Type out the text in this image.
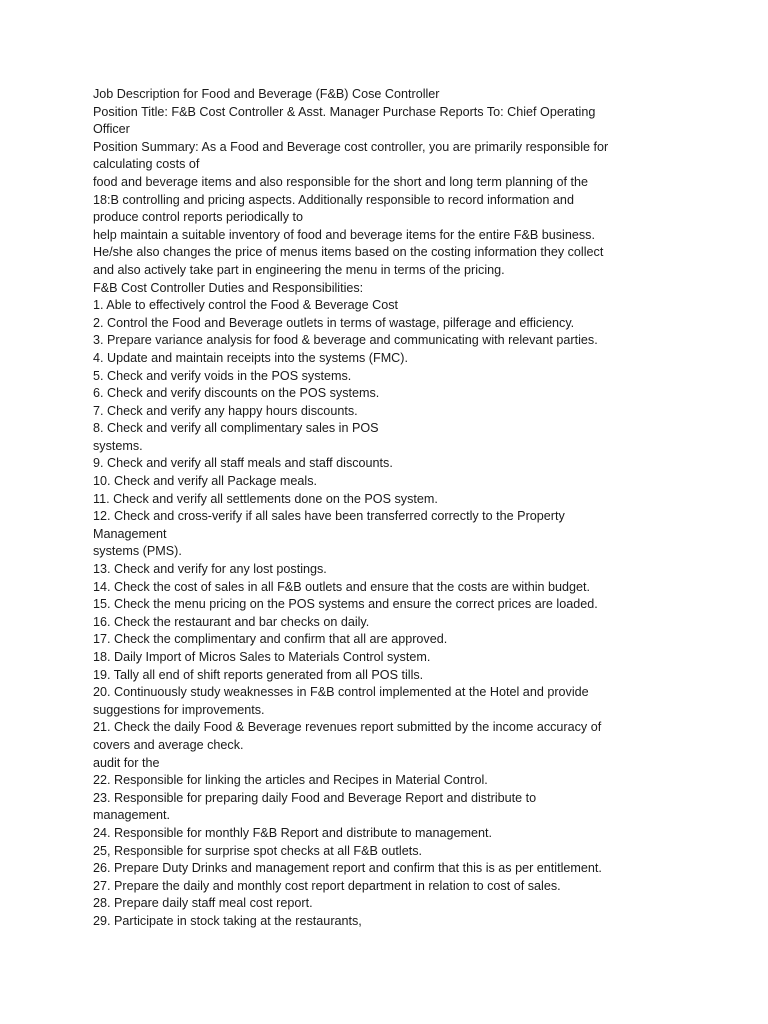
Job Description for Food and Beverage (F&B) Cose Controller

Position Title: F&B Cost Controller & Asst. Manager Purchase Reports To: Chief Operating

Officer

Position Summary: As a Food and Beverage cost controller, you are primarily responsible for

calculating costs of

food and beverage items and also responsible for the short and long term planning of the

18:B controlling and pricing aspects. Additionally responsible to record information and

produce control reports periodically to

help maintain a suitable inventory of food and beverage items for the entire F&B business.

He/she also changes the price of menus items based on the costing information they collect

and also actively take part in engineering the menu in terms of the pricing.

F&B Cost Controller Duties and Responsibilities:

1. Able to effectively control the Food & Beverage Cost

2. Control the Food and Beverage outlets in terms of wastage, pilferage and efficiency.

3. Prepare variance analysis for food & beverage and communicating with relevant parties.

4. Update and maintain receipts into the systems (FMC).

5. Check and verify voids in the POS systems.

6. Check and verify discounts on the POS systems.

7. Check and verify any happy hours discounts.

8. Check and verify all complimentary sales in POS

systems.

9. Check and verify all staff meals and staff discounts.

10. Check and verify all Package meals.

11. Check and verify all settlements done on the POS system.

12. Check and cross-verify if all sales have been transferred correctly to the Property

Management

systems (PMS).

13. Check and verify for any lost postings.

14. Check the cost of sales in all F&B outlets and ensure that the costs are within budget.

15. Check the menu pricing on the POS systems and ensure the correct prices are loaded.

16. Check the restaurant and bar checks on daily.

17. Check the complimentary and confirm that all are approved.

18. Daily Import of Micros Sales to Materials Control system.

19. Tally all end of shift reports generated from all POS tills.

20. Continuously study weaknesses in F&B control implemented at the Hotel and provide

suggestions for improvements.

21. Check the daily Food & Beverage revenues report submitted by the income accuracy of

covers and average check.

audit for the

22. Responsible for linking the articles and Recipes in Material Control.

23. Responsible for preparing daily Food and Beverage Report and distribute to

management.

24. Responsible for monthly F&B Report and distribute to management.

25, Responsible for surprise spot checks at all F&B outlets.

26. Prepare Duty Drinks and management report and confirm that this is as per entitlement.

27. Prepare the daily and monthly cost report department in relation to cost of sales.

28. Prepare daily staff meal cost report.

29. Participate in stock taking at the restaurants,
